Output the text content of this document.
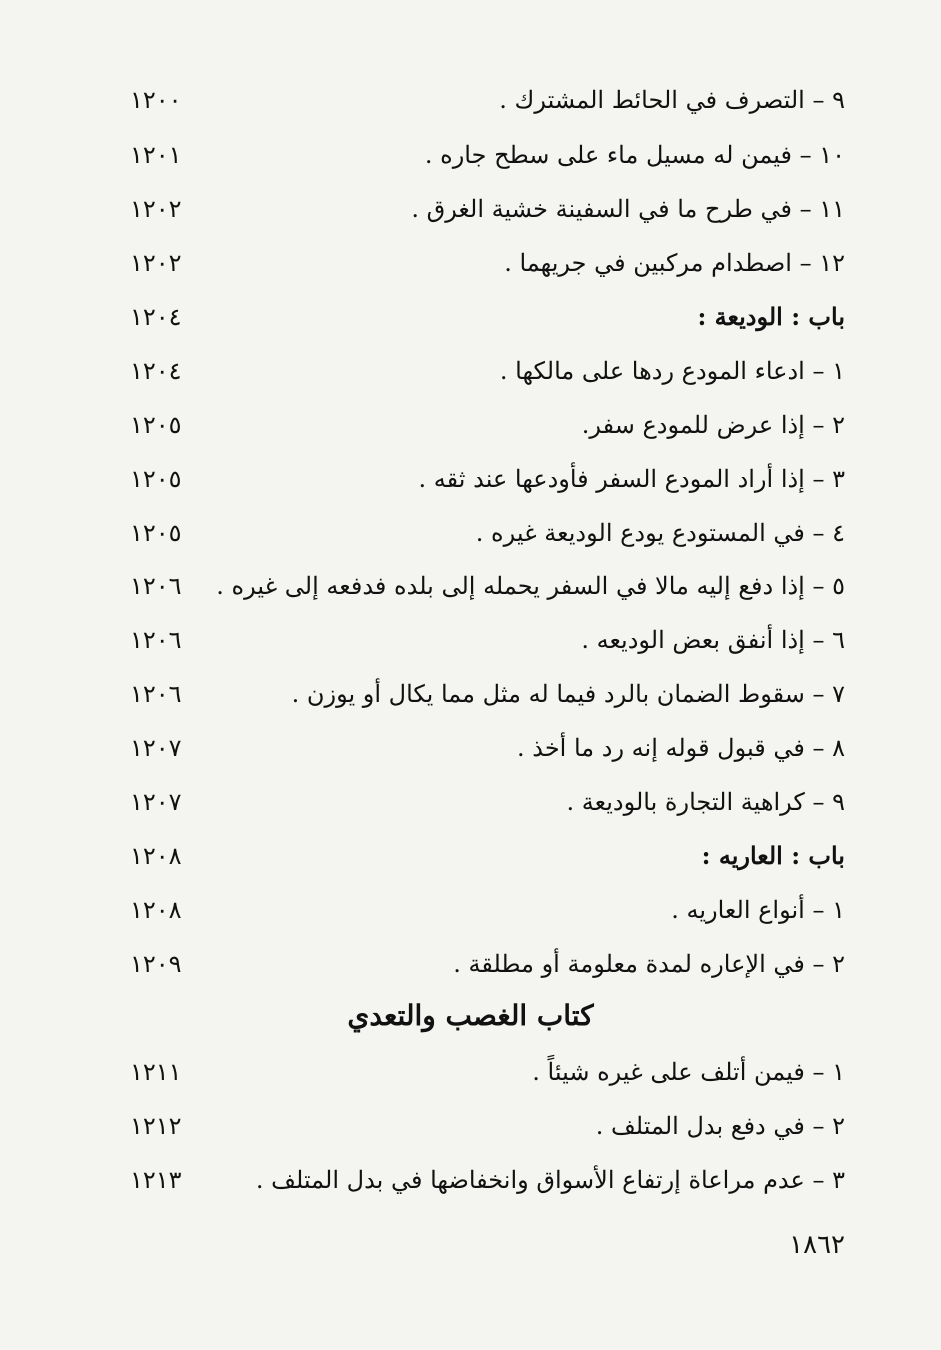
٩ – التصرف في الحائط المشترك .
١٢٠٠
١٠ – فيمن له مسيل ماء على سطح جاره .
١٢٠١
١١ – في طرح ما في السفينة خشية الغرق .
١٢٠٢
١٢ – اصطدام مركبين في جريهما .
١٢٠٢
باب : الوديعة :
١٢٠٤
١ – ادعاء المودع ردها على مالكها .
١٢٠٤
٢ – إذا عرض للمودع سفر.
١٢٠٥
٣ – إذا أراد المودع السفر فأودعها عند ثقه .
١٢٠٥
٤ – في المستودع يودع الوديعة غيره .
١٢٠٥
٥ – إذا دفع إليه مالا في السفر يحمله إلى بلده فدفعه إلى غيره .
١٢٠٦
٦ – إذا أنفق بعض الوديعه .
١٢٠٦
٧ – سقوط الضمان بالرد فيما له مثل مما يكال أو يوزن .
١٢٠٦
٨ – في قبول قوله إنه رد ما أخذ .
١٢٠٧
٩ – كراهية التجارة بالوديعة .
١٢٠٧
باب : العاريه :
١٢٠٨
١ – أنواع العاريه .
١٢٠٨
٢ – في الإعاره لمدة معلومة أو مطلقة .
١٢٠٩
كتاب الغصب والتعدي
١ – فيمن أتلف على غيره شيئاً .
١٢١١
٢ – في دفع بدل المتلف .
١٢١٢
٣ – عدم مراعاة إرتفاع الأسواق وانخفاضها في بدل المتلف .
١٢١٣
١٨٦٢
